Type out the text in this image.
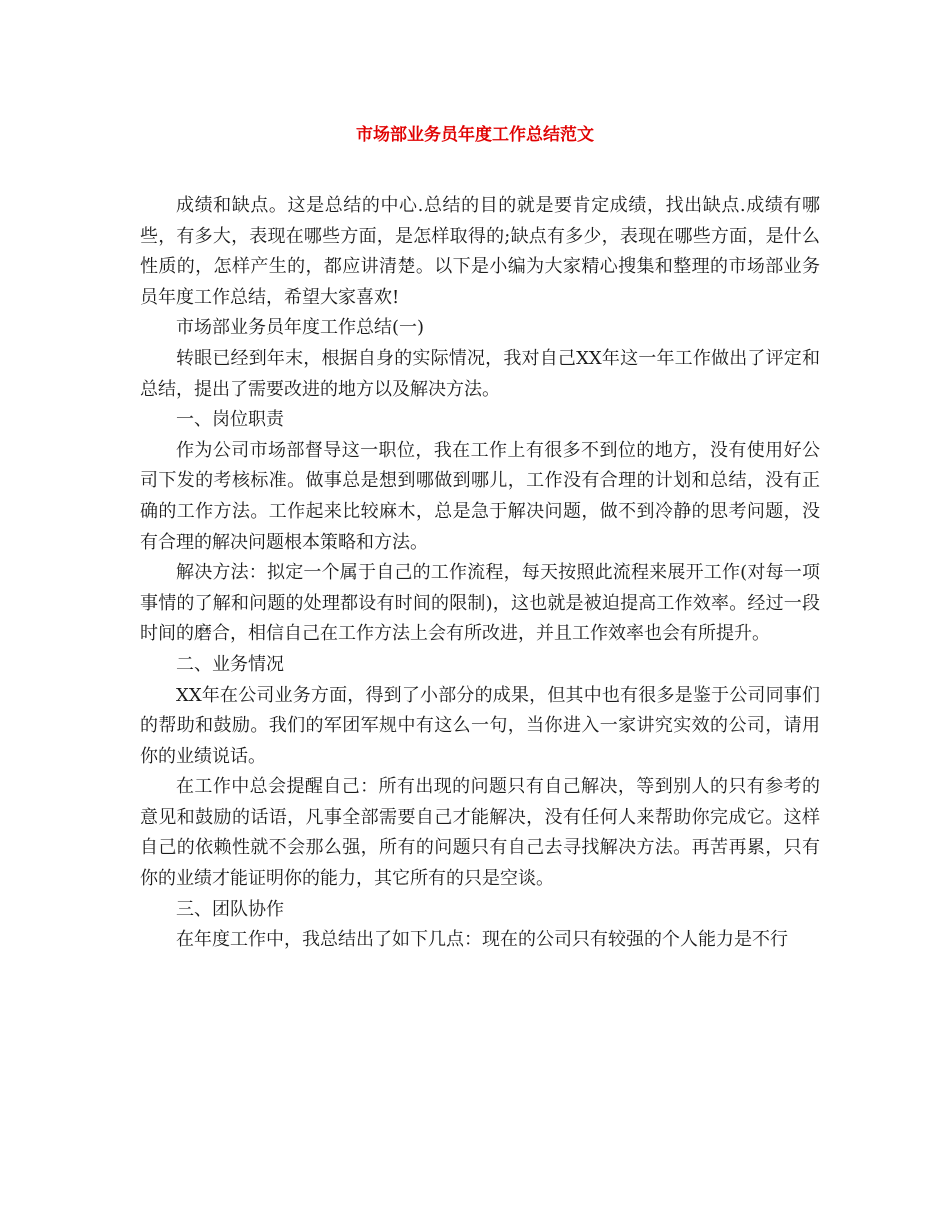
市场部业务员年度工作总结范文

成绩和缺点。这是总结的中心.总结的目的就是要肯定成绩，找出缺点.成绩有哪些，有多大，表现在哪些方面，是怎样取得的;缺点有多少，表现在哪些方面，是什么性质的，怎样产生的，都应讲清楚。以下是小编为大家精心搜集和整理的市场部业务员年度工作总结，希望大家喜欢!

市场部业务员年度工作总结(一)

转眼已经到年末，根据自身的实际情况，我对自己XX年这一年工作做出了评定和总结，提出了需要改进的地方以及解决方法。

一、岗位职责

作为公司市场部督导这一职位，我在工作上有很多不到位的地方，没有使用好公司下发的考核标准。做事总是想到哪做到哪儿，工作没有合理的计划和总结，没有正确的工作方法。工作起来比较麻木，总是急于解决问题，做不到冷静的思考问题，没有合理的解决问题根本策略和方法。

解决方法：拟定一个属于自己的工作流程，每天按照此流程来展开工作(对每一项事情的了解和问题的处理都设有时间的限制)，这也就是被迫提高工作效率。经过一段时间的磨合，相信自己在工作方法上会有所改进，并且工作效率也会有所提升。

二、业务情况

XX年在公司业务方面，得到了小部分的成果，但其中也有很多是鉴于公司同事们的帮助和鼓励。我们的军团军规中有这么一句，当你进入一家讲究实效的公司，请用你的业绩说话。

在工作中总会提醒自己：所有出现的问题只有自己解决，等到别人的只有参考的意见和鼓励的话语，凡事全部需要自己才能解决，没有任何人来帮助你完成它。这样自己的依赖性就不会那么强，所有的问题只有自己去寻找解决方法。再苦再累，只有你的业绩才能证明你的能力，其它所有的只是空谈。

三、团队协作

在年度工作中，我总结出了如下几点：现在的公司只有较强的个人能力是不行
